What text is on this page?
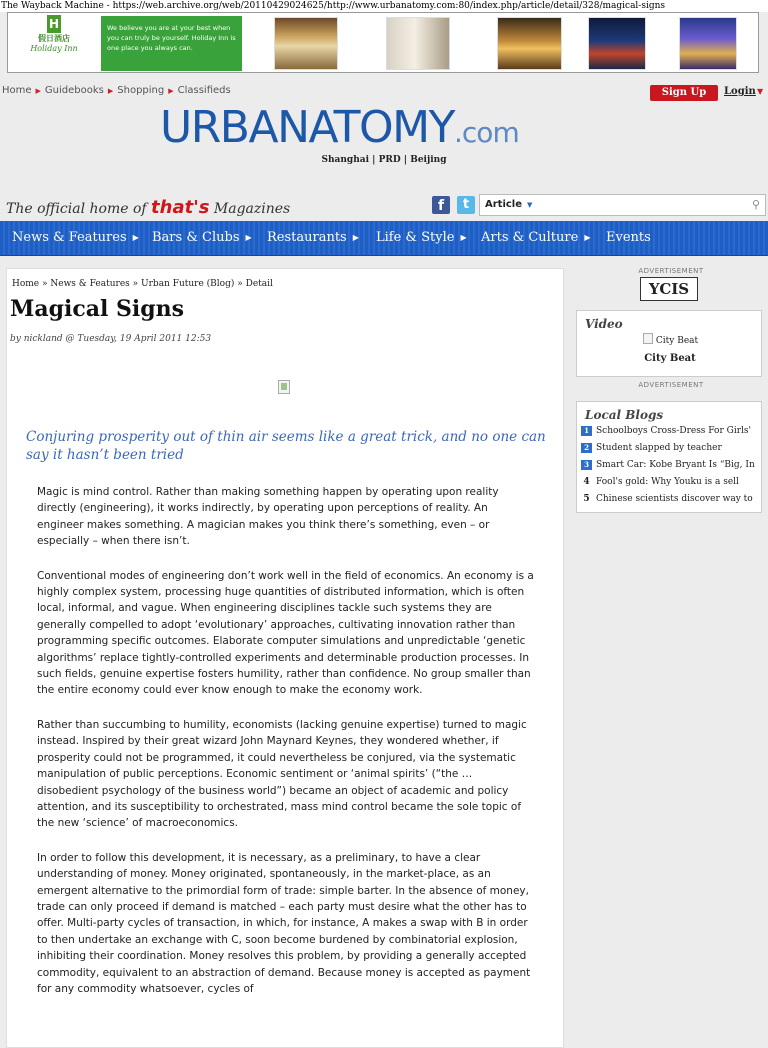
The Wayback Machine - https://web.archive.org/web/20110429024625/http://www.urbanatomy.com:80/index.php/article/detail/328/magical-signs
H
假日酒店
Holiday Inn
We believe you are at your best when you can truly be yourself. Holiday Inn is one place you always can.
Home ▶ Guidebooks ▶ Shopping ▶ Classifieds	Sign Up	Login ▼
URBANATOMY.com
Shanghai | PRD | Beijing
The official home of that's Magazines	f	t	Article ▼	⚲
News & Features ▶ Bars & Clubs ▶ Restaurants ▶ Life & Style ▶ Arts & Culture ▶ Events
Home » News & Features » Urban Future (Blog) » Detail
Magical Signs
by nickland @ Tuesday, 19 April 2011 12:53
Conjuring prosperity out of thin air seems like a great trick, and no one can say it hasn’t been tried

Magic is mind control. Rather than making something happen by operating upon reality directly (engineering), it works indirectly, by operating upon perceptions of reality. An engineer makes something. A magician makes you think there’s something, even – or especially – when there isn’t.

Conventional modes of engineering don’t work well in the field of economics. An economy is a highly complex system, processing huge quantities of distributed information, which is often local, informal, and vague. When engineering disciplines tackle such systems they are generally compelled to adopt ‘evolutionary’ approaches, cultivating innovation rather than programming specific outcomes. Elaborate computer simulations and unpredictable ‘genetic algorithms’ replace tightly-controlled experiments and determinable production processes. In such fields, genuine expertise fosters humility, rather than confidence. No group smaller than the entire economy could ever know enough to make the economy work.

Rather than succumbing to humility, economists (lacking genuine expertise) turned to magic instead. Inspired by their great wizard John Maynard Keynes, they wondered whether, if prosperity could not be programmed, it could nevertheless be conjured, via the systematic manipulation of public perceptions. Economic sentiment or ‘animal spirits’ (“the … disobedient psychology of the business world”) became an object of academic and policy attention, and its susceptibility to orchestrated, mass mind control became the sole topic of the new ‘science’ of macroeconomics.

In order to follow this development, it is necessary, as a preliminary, to have a clear understanding of money. Money originated, spontaneously, in the market-place, as an emergent alternative to the primordial form of trade: simple barter. In the absence of money, trade can only proceed if demand is matched – each party must desire what the other has to offer. Multi-party cycles of transaction, in which, for instance, A makes a swap with B in order to then undertake an exchange with C, soon become burdened by combinatorial explosion, inhibiting their coordination. Money resolves this problem, by providing a generally accepted commodity, equivalent to an abstraction of demand. Because money is accepted as payment for any commodity whatsoever, cycles of

ADVERTISEMENT
YCIS
Video
City Beat
City Beat
ADVERTISEMENT
Local Blogs
1 Schoolboys Cross-Dress For Girls'
2 Student slapped by teacher
3 Smart Car: Kobe Bryant Is “Big, In
4 Fool's gold: Why Youku is a sell
5 Chinese scientists discover way to
